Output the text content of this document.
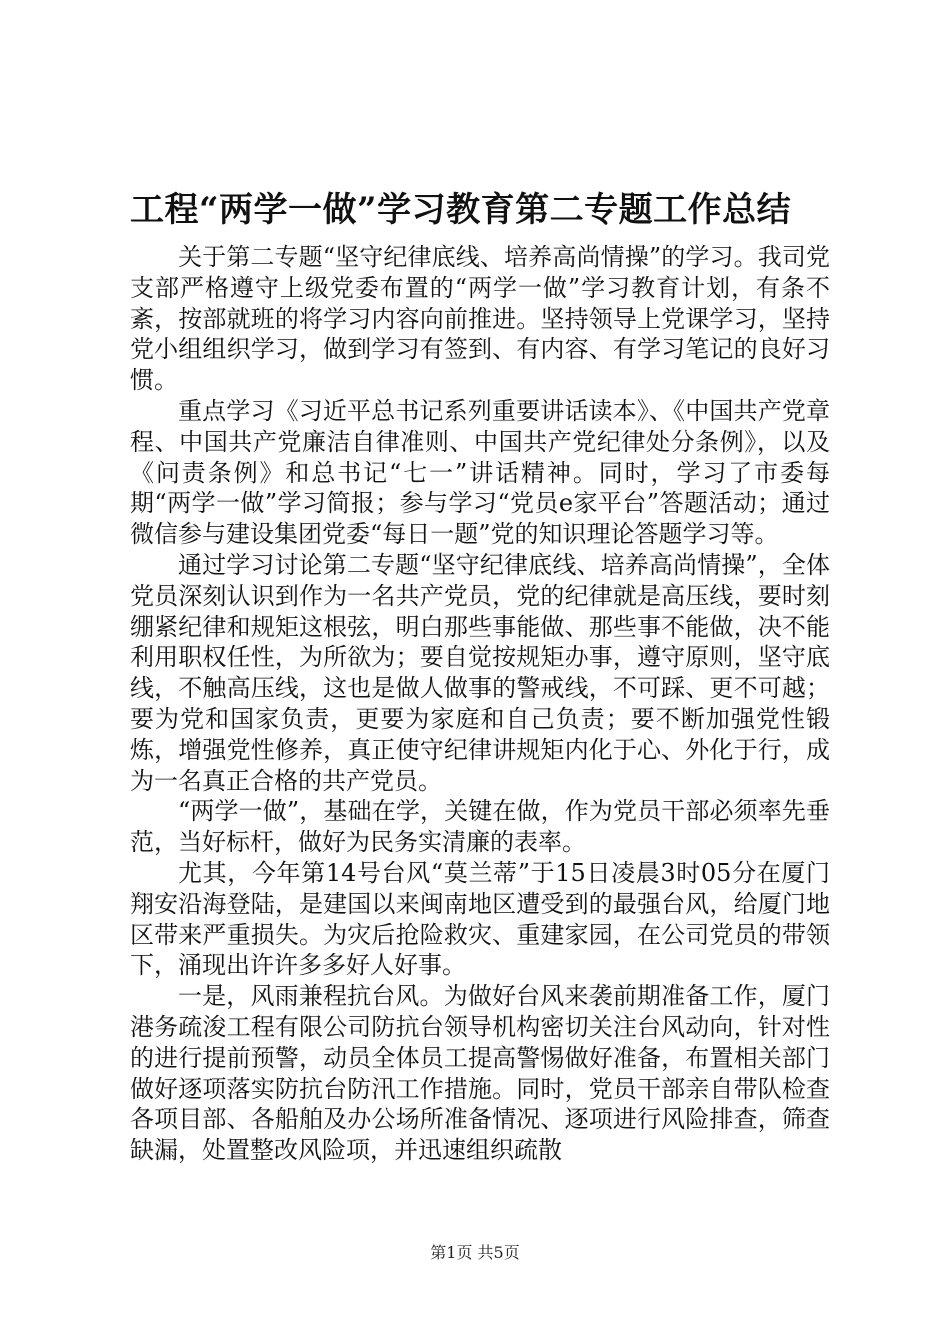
工程“两学一做”学习教育第二专题工作总结

关于第二专题“坚守纪律底线、培养高尚情操”的学习。我司党支部严格遵守上级党委布置的“两学一做”学习教育计划，有条不紊，按部就班的将学习内容向前推进。坚持领导上党课学习，坚持党小组组织学习，做到学习有签到、有内容、有学习笔记的良好习惯。

重点学习《习近平总书记系列重要讲话读本》、《中国共产党章程、中国共产党廉洁自律准则、中国共产党纪律处分条例》，以及《问责条例》和总书记“七一”讲话精神。同时，学习了市委每期“两学一做”学习简报；参与学习“党员e家平台”答题活动；通过微信参与建设集团党委“每日一题”党的知识理论答题学习等。

通过学习讨论第二专题“坚守纪律底线、培养高尚情操”，全体党员深刻认识到作为一名共产党员，党的纪律就是高压线，要时刻绷紧纪律和规矩这根弦，明白那些事能做、那些事不能做，决不能利用职权任性，为所欲为；要自觉按规矩办事，遵守原则，坚守底线，不触高压线，这也是做人做事的警戒线，不可踩、更不可越；要为党和国家负责，更要为家庭和自己负责；要不断加强党性锻炼，增强党性修养，真正使守纪律讲规矩内化于心、外化于行，成为一名真正合格的共产党员。

“两学一做”，基础在学，关键在做，作为党员干部必须率先垂范，当好标杆，做好为民务实清廉的表率。

尤其，今年第14号台风“莫兰蒂”于15日凌晨3时05分在厦门翔安沿海登陆，是建国以来闽南地区遭受到的最强台风，给厦门地区带来严重损失。为灾后抢险救灾、重建家园，在公司党员的带领下，涌现出许许多多好人好事。

一是，风雨兼程抗台风。为做好台风来袭前期准备工作，厦门港务疏浚工程有限公司防抗台领导机构密切关注台风动向，针对性的进行提前预警，动员全体员工提高警惕做好准备，布置相关部门做好逐项落实防抗台防汛工作措施。同时，党员干部亲自带队检查各项目部、各船舶及办公场所准备情况、逐项进行风险排查，筛查缺漏，处置整改风险项，并迅速组织疏散

第1页 共5页
